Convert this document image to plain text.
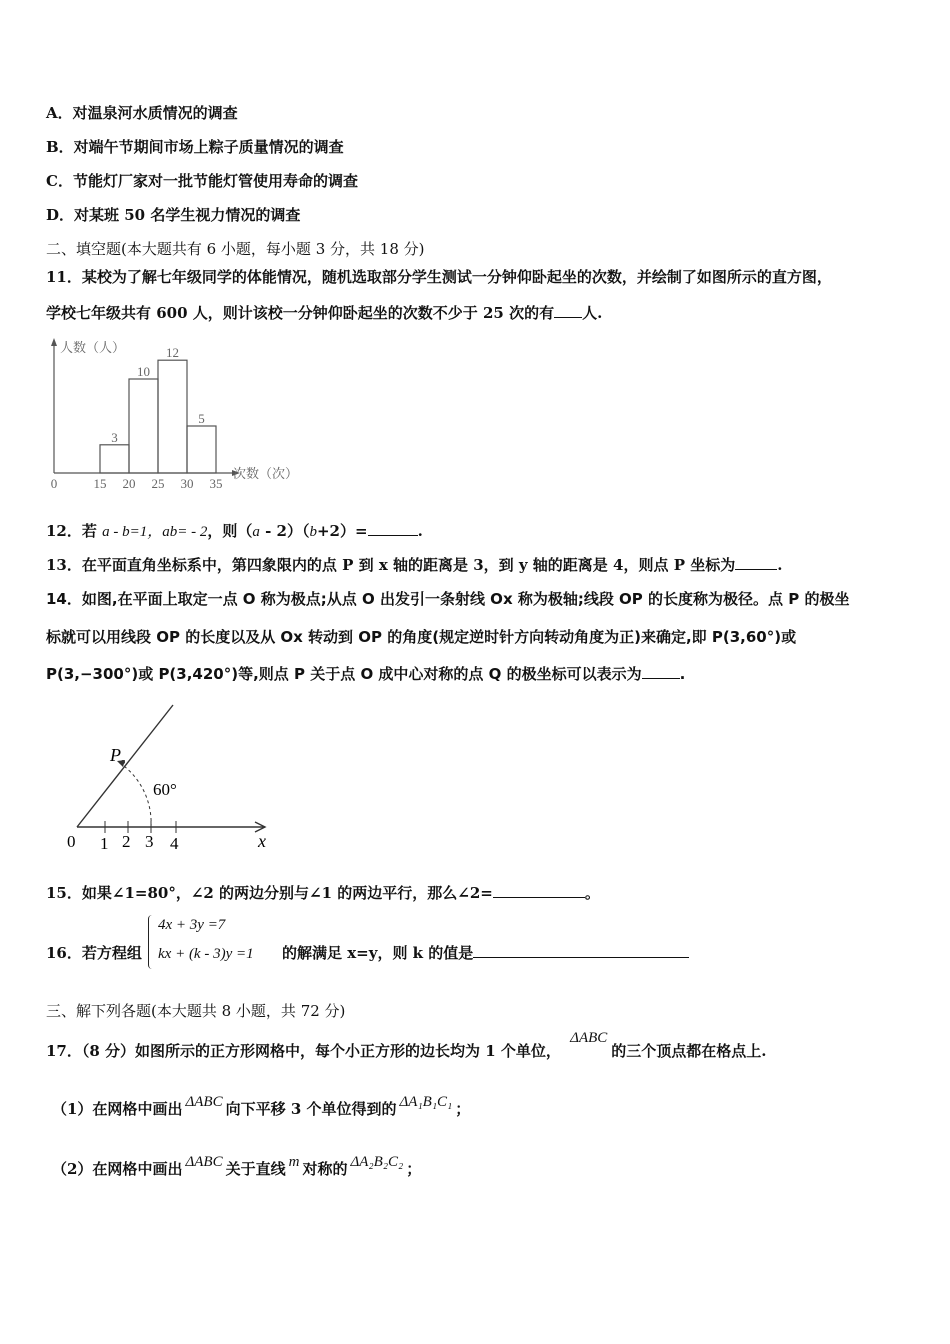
A．对温泉河水质情况的调查
B．对端午节期间市场上粽子质量情况的调查
C．节能灯厂家对一批节能灯管使用寿命的调查
D．对某班 50 名学生视力情况的调查
二、填空题(本大题共有 6 小题，每小题 3 分，共 18 分)
11．某校为了解七年级同学的体能情况，随机选取部分学生测试一分钟仰卧起坐的次数，并绘制了如图所示的直方图，
学校七年级共有 600 人，则计该校一分钟仰卧起坐的次数不少于 25 次的有 人.
人数（人）
次数（次）
3
10
12
5
0	15 20 25 30 35
12．若 a - b=1，ab= - 2，则（a - 2）（b+2）=	.
13．在平面直角坐标系中，第四象限内的点 P 到 x 轴的距离是 3，到 y 轴的距离是 4，则点 P 坐标为	.
14．如图,在平面上取定一点 O 称为极点;从点 O 出发引一条射线 Ox 称为极轴;线段 OP 的长度称为极径。点 P 的极坐
标就可以用线段 OP 的长度以及从 Ox 转动到 OP 的角度(规定逆时针方向转动角度为正)来确定,即 P(3,60°)或
P(3,−300°)或 P(3,420°)等,则点 P 关于点 O 成中心对称的点 Q 的极坐标可以表示为	.
0 1 2 3 4	x
P
60°
15．如果∠1=80°，∠2 的两边分别与∠1 的两边平行，那么∠2=	。
16．若方程组
4x + 3y =7
kx + (k - 3)y =1 的解满足 x=y，则 k 的值是
三、解下列各题(本大题共 8 小题，共 72 分)
17．（8 分）如图所示的正方形网格中，每个小正方形的边长均为 1 个单位， ΔABC的三个顶点都在格点上.
（1）在网格中画出 ΔABC 向下平移 3 个单位得到的 ΔA₁B₁C₁ ；
（2）在网格中画出 ΔABC 关于直线 m 对称的 ΔA₂B₂C₂ ；
